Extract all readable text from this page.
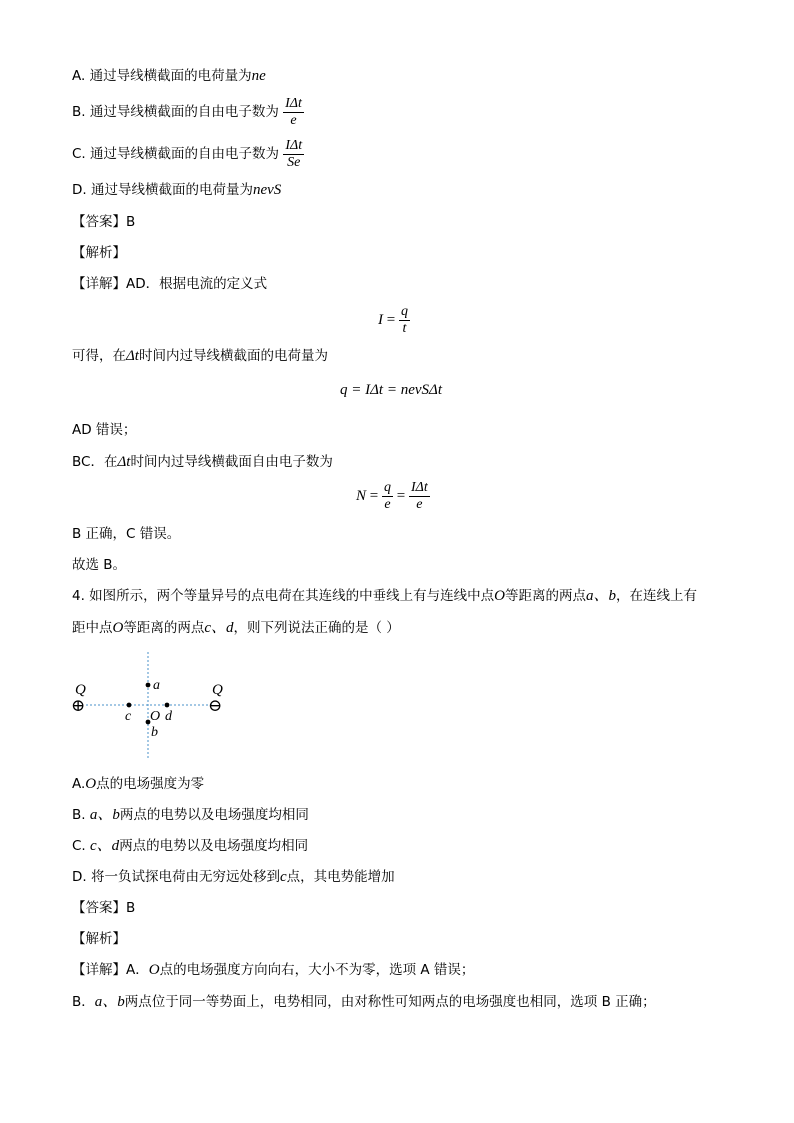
A. 通过导线横截面的电荷量为ne
B. 通过导线横截面的自由电子数为 $\frac{\text{IΔt}}{e}$
C. 通过导线横截面的自由电子数为 $\frac{\text{IΔt}}{Se}$
D. 通过导线横截面的电荷量为nevS
【答案】B
【解析】
【详解】AD．根据电流的定义式
$I = \frac{q}{t}$
可得，在Δt时间内过导线横截面的电荷量为
q = IΔt = nevSΔt
AD 错误；
BC．在Δt时间内过导线横截面自由电子数为
$N = \frac{q}{e} = \frac{\text{IΔt}}{e}$
B 正确，C 错误。
故选 B。
4. 如图所示，两个等量异号的点电荷在其连线的中垂线上有与连线中点O等距离的两点a、b，在连线上有
距中点O等距离的两点c、d，则下列说法正确的是（ ）
Q
⊕
Q
⊖
a
b
c d
O
A.O点的电场强度为零
B. a、b两点的电势以及电场强度均相同
C. c、d两点的电势以及电场强度均相同
D. 将一负试探电荷由无穷远处移到c点，其电势能增加
【答案】B
【解析】
【详解】A．O点的电场强度方向向右，大小不为零，选项 A 错误；
B．a、b两点位于同一等势面上，电势相同，由对称性可知两点的电场强度也相同，选项 B 正确；
